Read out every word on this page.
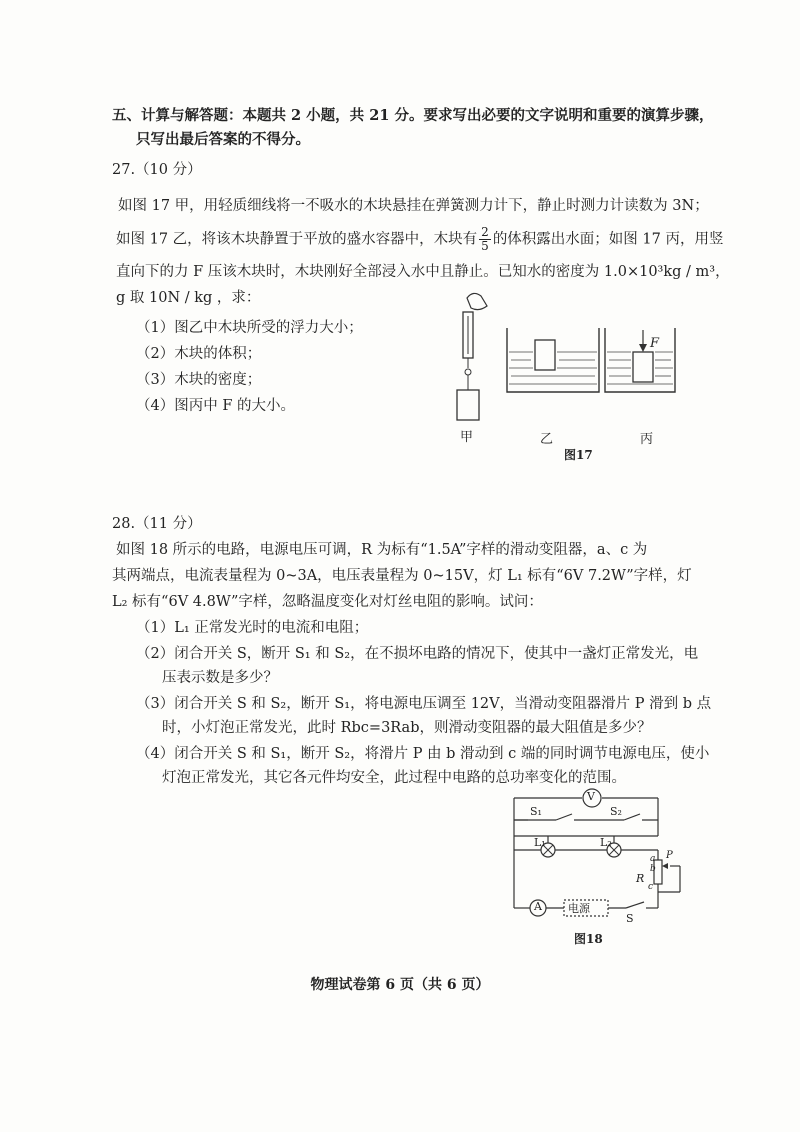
五、计算与解答题：本题共 2 小题，共 21 分。要求写出必要的文字说明和重要的演算步骤，
只写出最后答案的不得分。
27.（10 分）
如图 17 甲，用轻质细线将一不吸水的木块悬挂在弹簧测力计下，静止时测力计读数为 3N；
如图 17 乙，将该木块静置于平放的盛水容器中，木块有 $\frac{2}{5}$ 的体积露出水面；如图 17 丙，用竖
直向下的力 F 压该木块时，木块刚好全部浸入水中且静止。已知水的密度为 1.0×10³kg / m³，
g 取 10N / kg ，求：
（1）图乙中木块所受的浮力大小；
（2）木块的体积；
（3）木块的密度；
（4）图丙中 F 的大小。
F
甲	乙	丙
图17
28.（11 分）
如图 18 所示的电路，电源电压可调，R 为标有“1.5A”字样的滑动变阻器，a、c 为
其两端点，电流表量程为 0~3A，电压表量程为 0~15V，灯 L₁ 标有“6V 7.2W”字样，灯
L₂ 标有“6V 4.8W”字样，忽略温度变化对灯丝电阻的影响。试问：
（1）L₁ 正常发光时的电流和电阻；
（2）闭合开关 S，断开 S₁ 和 S₂，在不损坏电路的情况下，使其中一盏灯正常发光，电
压表示数是多少？
（3）闭合开关 S 和 S₂，断开 S₁，将电源电压调至 12V，当滑动变阻器滑片 P 滑到 b 点
时，小灯泡正常发光，此时 Rbc=3Rab，则滑动变阻器的最大阻值是多少？
（4）闭合开关 S 和 S₁，断开 S₂，将滑片 P 由 b 滑动到 c 端的同时调节电源电压，使小
灯泡正常发光，其它各元件均安全，此过程中电路的总功率变化的范围。
V
A 电源
S₁	S₂
L₁	L₂
R
a
b
c
P
S
图18
物理试卷第 6 页（共 6 页）
